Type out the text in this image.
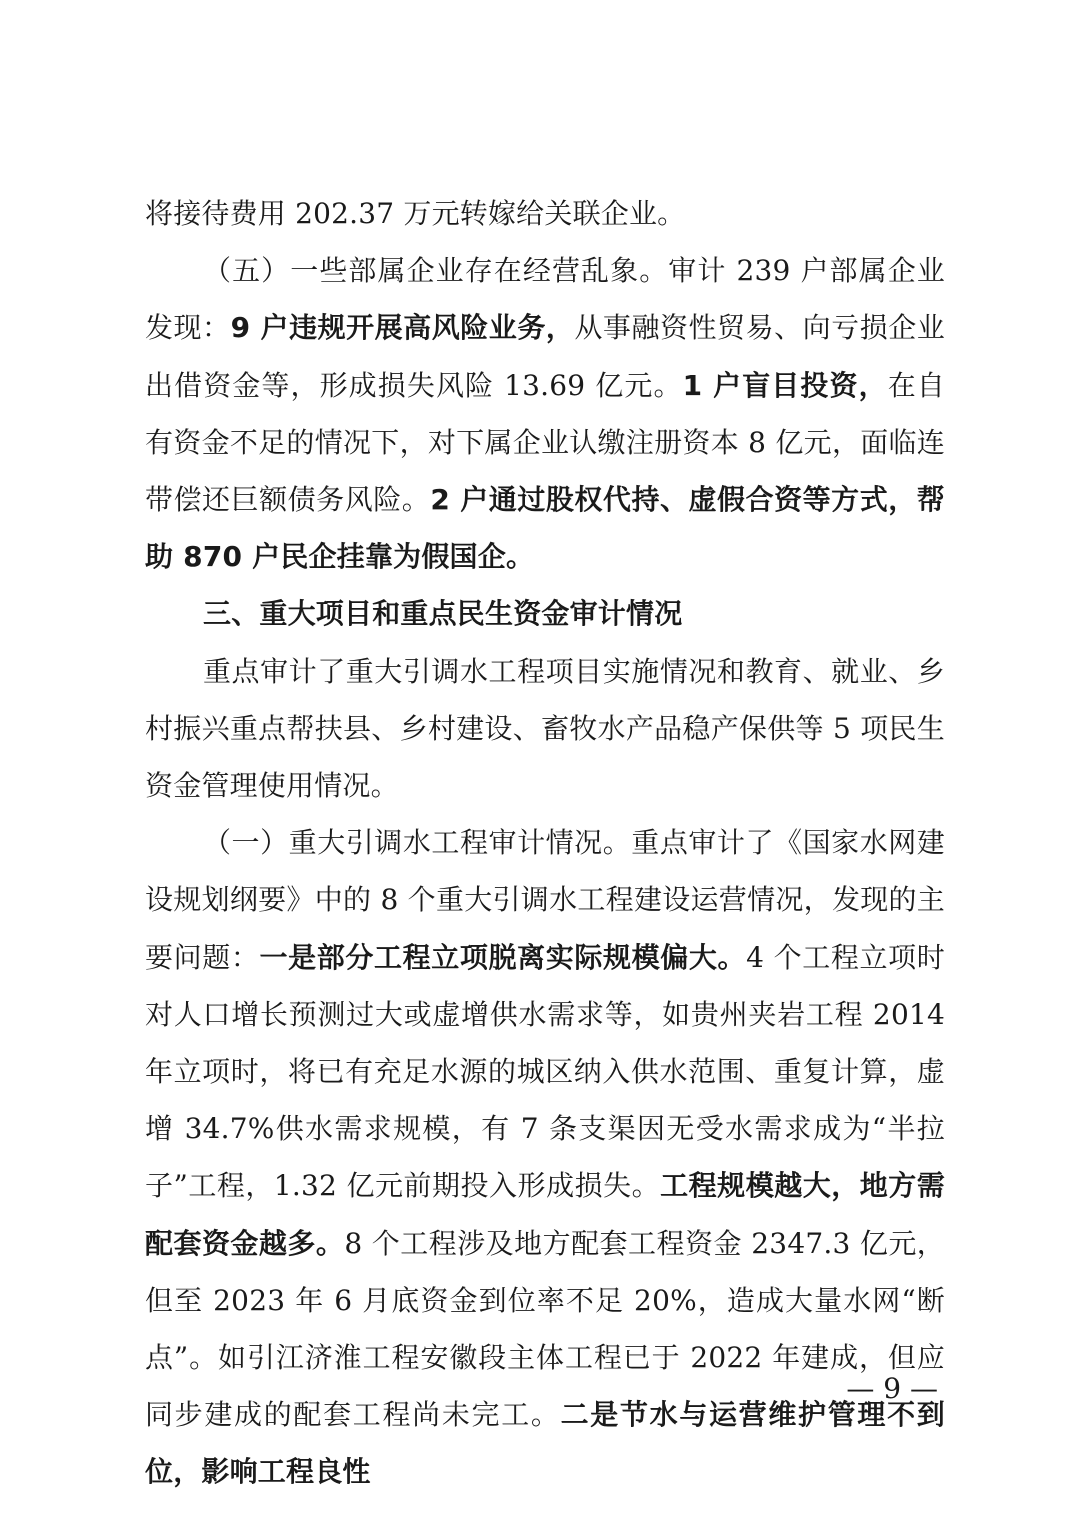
将接待费用 202.37 万元转嫁给关联企业。

（五）一些部属企业存在经营乱象。审计 239 户部属企业发现：9 户违规开展高风险业务，从事融资性贸易、向亏损企业出借资金等，形成损失风险 13.69 亿元。1 户盲目投资，在自有资金不足的情况下，对下属企业认缴注册资本 8 亿元，面临连带偿还巨额债务风险。2 户通过股权代持、虚假合资等方式，帮助 870 户民企挂靠为假国企。

三、重大项目和重点民生资金审计情况

重点审计了重大引调水工程项目实施情况和教育、就业、乡村振兴重点帮扶县、乡村建设、畜牧水产品稳产保供等 5 项民生资金管理使用情况。

（一）重大引调水工程审计情况。重点审计了《国家水网建设规划纲要》中的 8 个重大引调水工程建设运营情况，发现的主要问题：一是部分工程立项脱离实际规模偏大。4 个工程立项时对人口增长预测过大或虚增供水需求等，如贵州夹岩工程 2014 年立项时，将已有充足水源的城区纳入供水范围、重复计算，虚增 34.7%供水需求规模，有 7 条支渠因无受水需求成为“半拉子”工程，1.32 亿元前期投入形成损失。工程规模越大，地方需配套资金越多。8 个工程涉及地方配套工程资金 2347.3 亿元，但至 2023 年 6 月底资金到位率不足 20%，造成大量水网“断点”。如引江济淮工程安徽段主体工程已于 2022 年建成，但应同步建成的配套工程尚未完工。二是节水与运营维护管理不到位，影响工程良性

— 9 —
